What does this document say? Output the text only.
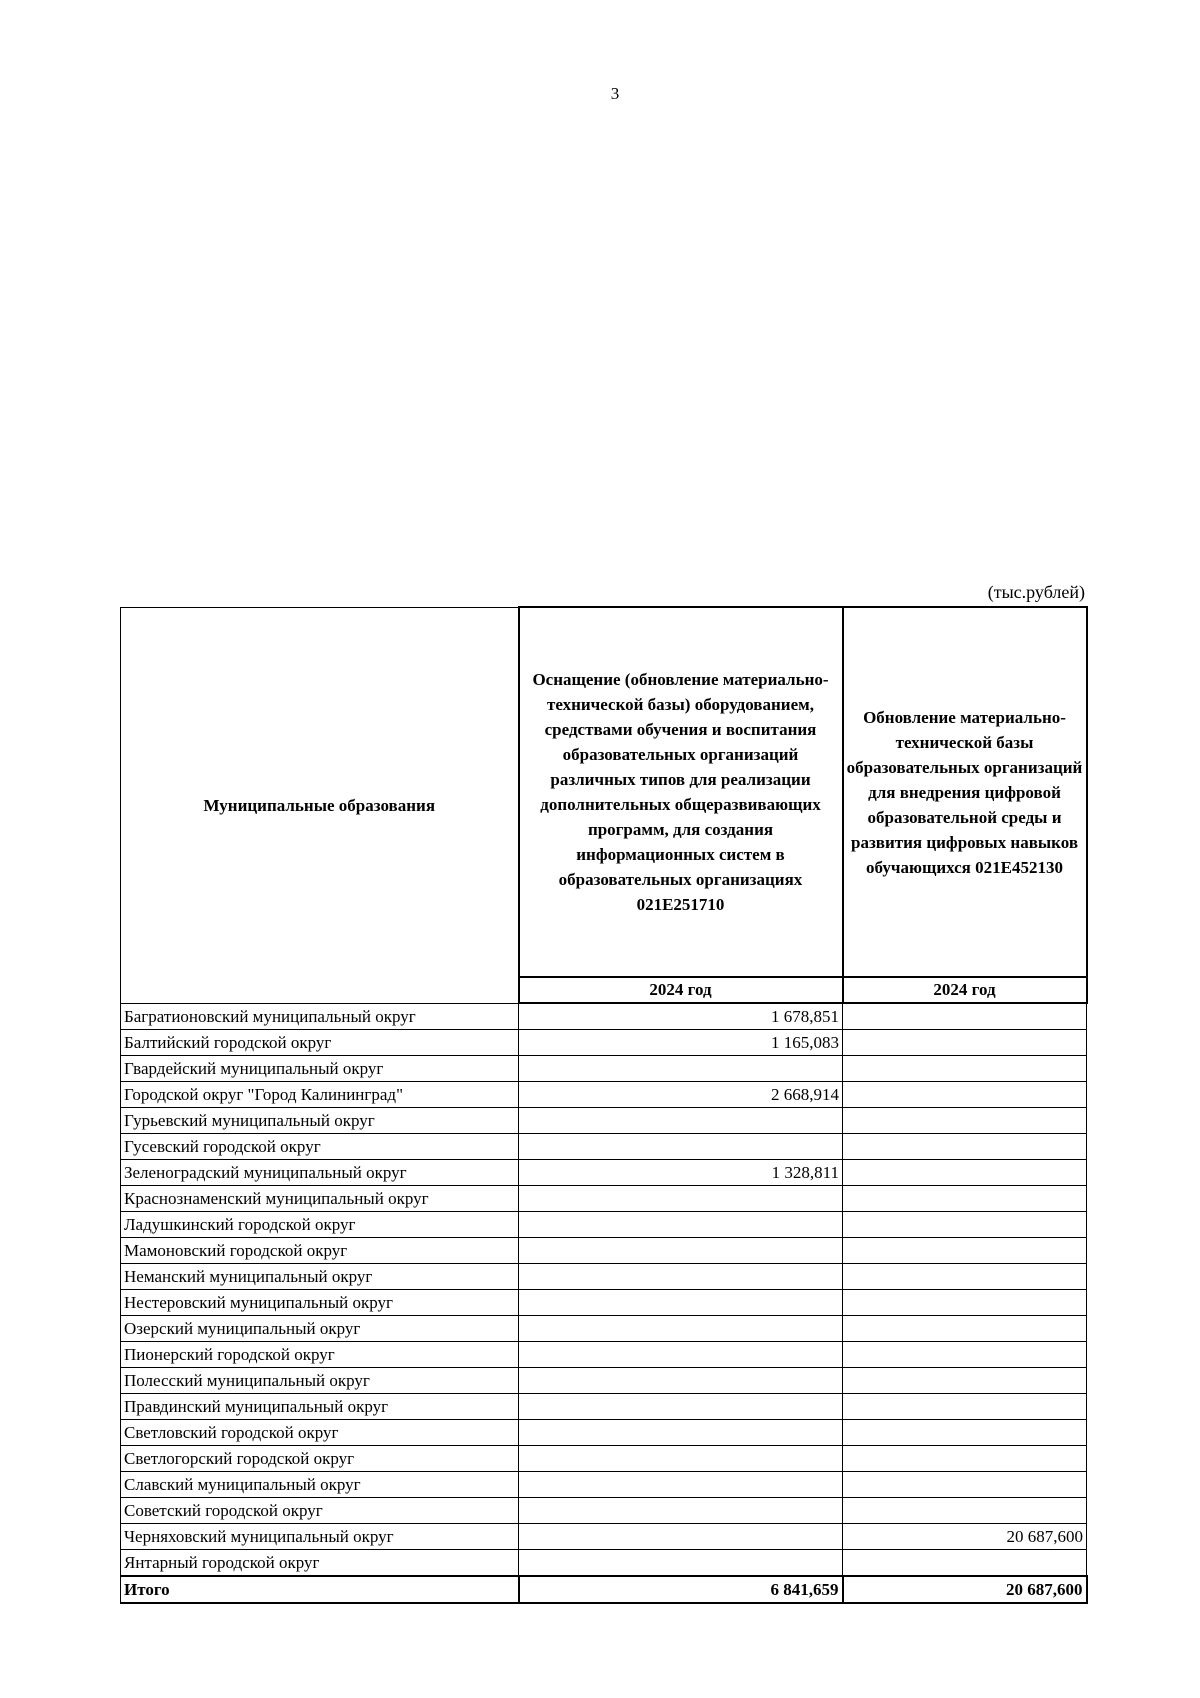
3
(тыс.рублей)
Муниципальные образования	Оснащение (обновление материально-технической базы) оборудованием, средствами обучения и воспитания образовательных организаций различных типов для реализации дополнительных общеразвивающих программ, для создания информационных систем в образовательных организациях 021E251710	Обновление материально-технической базы образовательных организаций для внедрения цифровой образовательной среды и развития цифровых навыков обучающихся 021E452130
	2024 год	2024 год
Багратионовский муниципальный округ	1 678,851	
Балтийский городской округ	1 165,083	
Гвардейский муниципальный округ		
Городской округ "Город Калининград"	2 668,914	
Гурьевский муниципальный округ		
Гусевский городской округ		
Зеленоградский муниципальный округ	1 328,811	
Краснознаменский муниципальный округ		
Ладушкинский городской округ		
Мамоновский городской округ		
Неманский муниципальный округ		
Нестеровский муниципальный округ		
Озерский муниципальный округ		
Пионерский городской округ		
Полесский муниципальный округ		
Правдинский муниципальный округ		
Светловский городской округ		
Светлогорский городской округ		
Славский муниципальный округ		
Советский городской округ		
Черняховский муниципальный округ		20 687,600
Янтарный городской округ		
Итого	6 841,659	20 687,600
